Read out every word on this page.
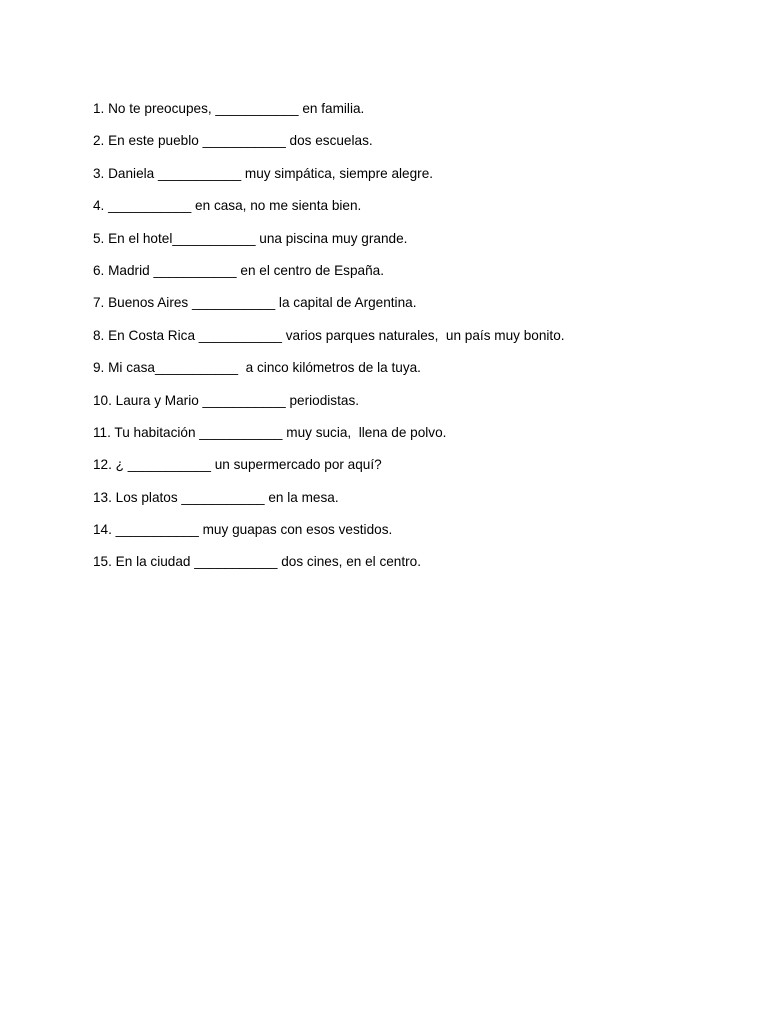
1. No te preocupes, ___________ en familia.
2. En este pueblo ___________ dos escuelas.
3. Daniela ___________ muy simpática, siempre alegre.
4. ___________ en casa, no me sienta bien.
5. En el hotel___________ una piscina muy grande.
6. Madrid ___________ en el centro de España.
7. Buenos Aires ___________ la capital de Argentina.
8. En Costa Rica ___________ varios parques naturales,  un país muy bonito.
9. Mi casa___________  a cinco kilómetros de la tuya.
10. Laura y Mario ___________ periodistas.
11. Tu habitación ___________ muy sucia,  llena de polvo.
12. ¿ ___________ un supermercado por aquí?
13. Los platos ___________ en la mesa.
14. ___________ muy guapas con esos vestidos.
15. En la ciudad ___________ dos cines, en el centro.
